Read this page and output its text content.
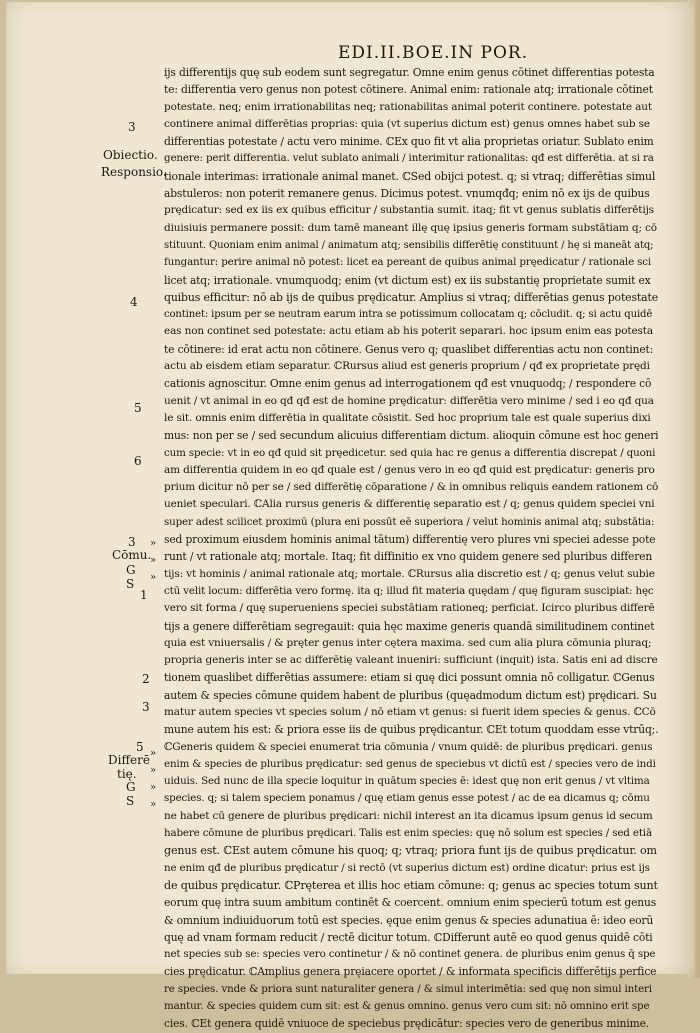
EDI.II.BOE.IN POR.
3
Obiectio.
Responsio.
4
5
6
3
Cōmu.
G
S
1
2
3
5
Differē
tię.
G
S
»
»
»
»
»
»
»
ijs differentijs quę sub eodem sunt segregatur. Omne enim genus cōtinet differentias potesta
te: differentia vero genus non potest cōtinere. Animal enim: rationale atq; irrationale cōtinet
potestate. neq; enim irrationabilitas neq; rationabilitas animal poterit continere. potestate aut
continere animal differētias proprias: quia (vt superius dictum est) genus omnes habet sub se
differentias potestate / actu vero minime. ℂEx quo fit vt alia proprietas oriatur. Sublato enim
genere: perit differentia. velut sublato animali / interimitur rationalitas: qđ est differētia. at si ra
tionale interimas: irrationale animal manet. ℂSed obijci potest. q; si vtraq; differētias simul
abstuleros: non poterit remanere genus. Dicimus potest. vnumqđq; enim nō ex ijs de quibus
prędicatur: sed ex iis ex quibus efficitur / substantia sumit. itaq; fit vt genus sublatis differētijs
diuisiuis permanere possit: dum tamē maneant illę quę ipsius generis formam substātiam q; cō
stituunt. Quoniam enim animal / animatum atq; sensibilis differētię constituunt / hę si maneāt atq;
fungantur: perire animal nō potest: licet ea pereant de quibus animal pręedicatur / rationale sci
licet atq; irrationale. vnumquodq; enim (vt dictum est) ex iis substantię proprietate sumit ex
quibus efficitur: nō ab ijs de quibus prędicatur. Amplius si vtraq; differētias genus potestate
continet: ipsum per se neutram earum intra se potissimum collocatam q; cōcludit. q; si actu quidē
eas non continet sed potestate: actu etiam ab his poterit separari. hoc ipsum enim eas potesta
te cōtinere: id erat actu non cōtinere. Genus vero q; quaslibet differentias actu non continet:
actu ab eisdem etiam separatur. ℂRursus aliud est generis proprium / qđ ex proprietate prędi
cationis agnoscitur. Omne enim genus ad interrogationem qđ est vnuquodq; / respondere cō
uenit / vt animal in eo qđ qđ est de homine prędicatur: differētia vero minime / sed i eo qđ qua
le sit. omnis enim differētia in qualitate cōsistit. Sed hoc proprium tale est quale superius dixi
mus: non per se / sed secundum alicuius differentiam dictum. alioquin cōmune est hoc generi
cum specie: vt in eo qđ quid sit pręedicetur. sed quia hac re genus a differentia discrepat / quoni
am differentia quidem in eo qđ quale est / genus vero in eo qđ quid est prędicatur: generis pro
prium dicitur nō per se / sed differētię cōparatione / & in omnibus reliquis eandem rationem cō
ueniet speculari. ℂAlia rursus generis & differentię separatio est / q; genus quidem speciei vni
super adest scilicet proximū (plura eni possūt eē superiora / velut hominis animal atq; substātia:
sed proximum eiusdem hominis animal tātum) differentię vero plures vni speciei adesse pote
runt / vt rationale atq; mortale. Itaq; fit diffinitio ex vno quidem genere sed pluribus differen
tijs: vt hominis / animal rationale atq; mortale. ℂRursus alia discretio est / q; genus velut subie
ctū velit locum: differētia vero formę. ita q; illud fit materia quędam / quę figuram suscipiat: hęc
vero sit forma / quę superueniens speciei substātiam rationeq; perficiat. Icirco pluribus differē
tijs a genere differētiam segregauit: quia hęc maxime generis quandā similitudinem continet
quia est vniuersalis / & pręter genus inter cętera maxima. sed cum alia plura cōmunia pluraq;
propria generis inter se ac differētię valeant inueniri: sufficiunt (inquit) ista. Satis eni ad discre
tionem quaslibet differētias assumere: etiam si quę dici possunt omnia nō colligatur. ℂGenus
autem & species cōmune quidem habent de pluribus (quęadmodum dictum est) prędicari. Su
matur autem species vt species solum / nō etiam vt genus: si fuerit idem species & genus. ℂCō
mune autem his est: & priora esse iis de quibus prędicantur. ℂEt totum quoddam esse vtrūq;.
ℂGeneris quidem & speciei enumerat tria cōmunia / vnum quidē: de pluribus prędicari. genus
enim & species de pluribus prędicatur: sed genus de speciebus vt dictū est / species vero de indi
uiduis. Sed nunc de illa specie loquitur in quātum species ē: idest quę non erit genus / vt vltima
species. q; si talem speciem ponamus / quę etiam genus esse potest / ac de ea dicamus q; cōmu
ne habet cū genere de pluribus prędicari: nichil interest an ita dicamus ipsum genus id secum
habere cōmune de pluribus prędicari. Talis est enim species: quę nō solum est species / sed etiā
genus est. ℂEst autem cōmune his quoq; q; vtraq; priora funt ijs de quibus prędicatur. om
ne enim qđ de pluribus prędicatur / si rectō (vt superius dictum est) ordine dicatur: prius est ijs
de quibus prędicatur. ℂPręterea et illis hoc etiam cōmune: q; genus ac species totum sunt
eorum quę intra suum ambitum continēt & coercent. omnium enim specierū totum est genus
& omnium indiuiduorum totū est species. ęque enim genus & species adunatiua ē: ideo eorū
quę ad vnam formam reducit / rectē dicitur totum. ℂDifferunt autē eo quod genus quidē cōti
net species sub se: species vero continetur / & nō continet genera. de pluribus enim genus q̄ spe
cies prędicatur. ℂAmplius genera pręiacere oportet / & informata specificis differētijs perfice
re species. vnde & priora sunt naturaliter genera / & simul interimētia: sed quę non simul interi
mantur. & species quidem cum sit: est & genus omnino. genus vero cum sit: nō omnino erit spe
cies. ℂEt genera quidē vniuoce de speciebus prędicātur: species vero de generibus minime.
